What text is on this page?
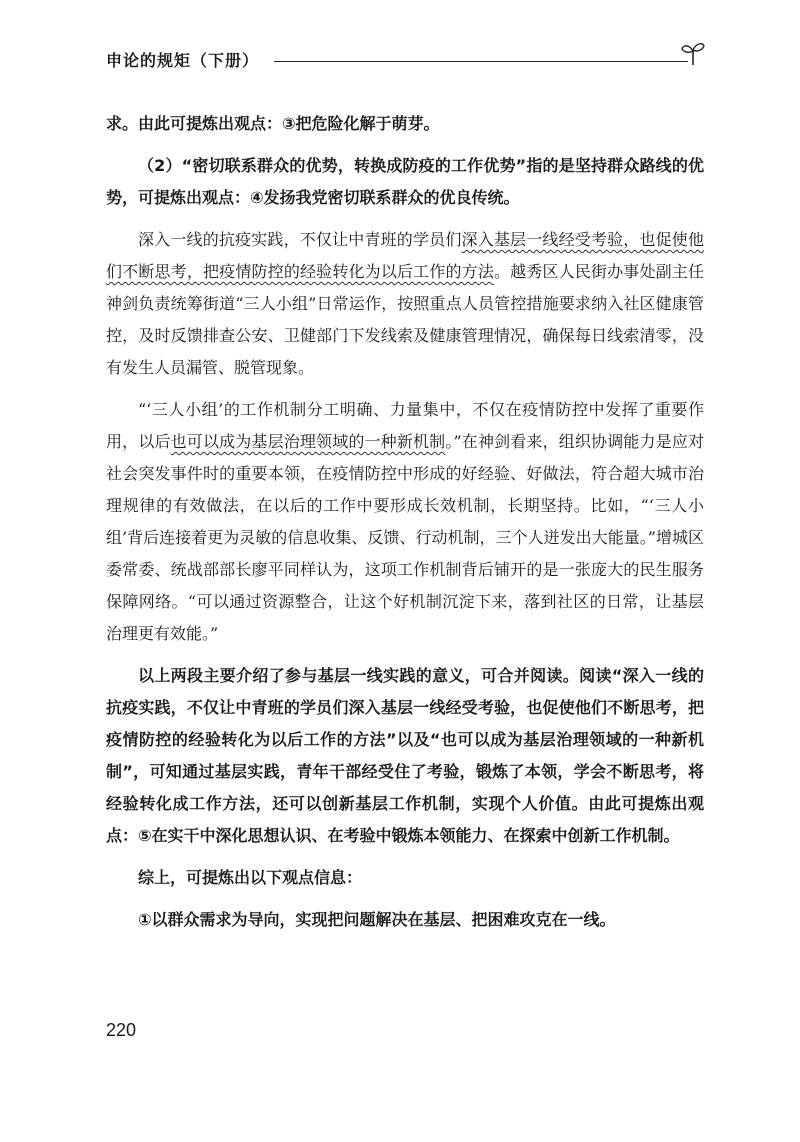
申论的规矩（下册）

求。由此可提炼出观点：③把危险化解于萌芽。

（2）“密切联系群众的优势，转换成防疫的工作优势”指的是坚持群众路线的优势，可提炼出观点：④发扬我党密切联系群众的优良传统。

深入一线的抗疫实践，不仅让中青班的学员们深入基层一线经受考验，也促使他们不断思考，把疫情防控的经验转化为以后工作的方法。越秀区人民街办事处副主任神剑负责统筹街道“三人小组”日常运作，按照重点人员管控措施要求纳入社区健康管控，及时反馈排查公安、卫健部门下发线索及健康管理情况，确保每日线索清零，没有发生人员漏管、脱管现象。

“‘三人小组’的工作机制分工明确、力量集中，不仅在疫情防控中发挥了重要作用，以后也可以成为基层治理领域的一种新机制。”在神剑看来，组织协调能力是应对社会突发事件时的重要本领，在疫情防控中形成的好经验、好做法，符合超大城市治理规律的有效做法，在以后的工作中要形成长效机制，长期坚持。比如，“‘三人小组’背后连接着更为灵敏的信息收集、反馈、行动机制，三个人迸发出大能量。”增城区委常委、统战部部长廖平同样认为，这项工作机制背后铺开的是一张庞大的民生服务保障网络。“可以通过资源整合，让这个好机制沉淀下来，落到社区的日常，让基层治理更有效能。”

以上两段主要介绍了参与基层一线实践的意义，可合并阅读。阅读“深入一线的抗疫实践，不仅让中青班的学员们深入基层一线经受考验，也促使他们不断思考，把疫情防控的经验转化为以后工作的方法”以及“也可以成为基层治理领域的一种新机制”，可知通过基层实践，青年干部经受住了考验，锻炼了本领，学会不断思考，将经验转化成工作方法，还可以创新基层工作机制，实现个人价值。由此可提炼出观点：⑤在实干中深化思想认识、在考验中锻炼本领能力、在探索中创新工作机制。

综上，可提炼出以下观点信息：

①以群众需求为导向，实现把问题解决在基层、把困难攻克在一线。

220
